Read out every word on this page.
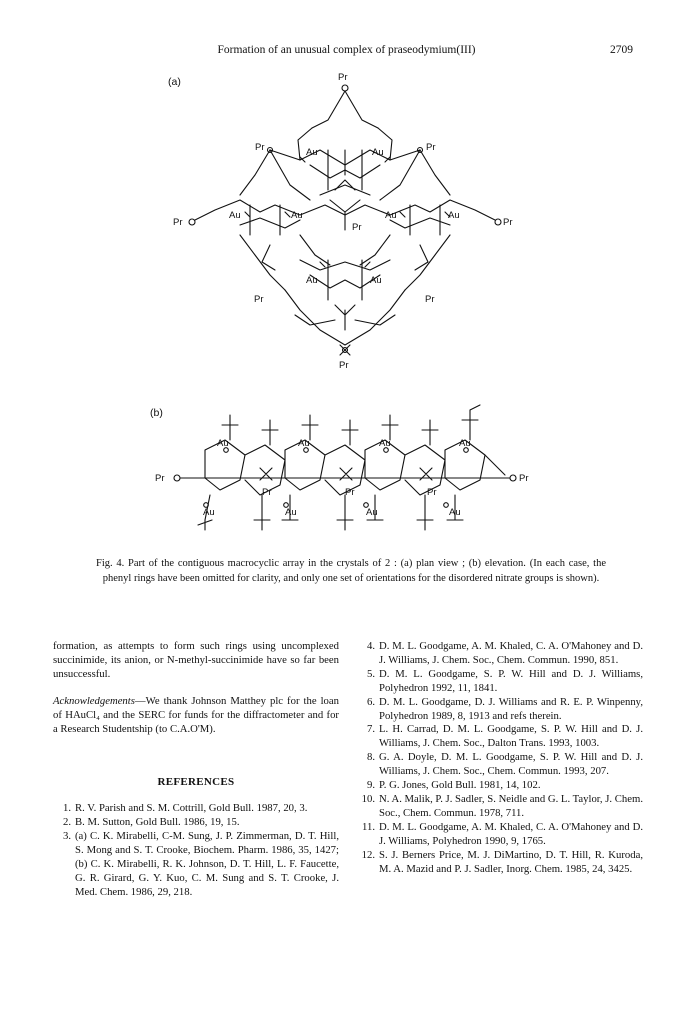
Formation of an unusual complex of praseodymium(III)	2709
(a)
(b)
Pr
Pr	Pr
Au	Au
Pr	Pr
Au	Au	Au	Au
Pr
Au	Au
Pr	Pr
Pr
Pr	Pr
Au	Au	Au	Au
Pr	Pr	Pr
Au	Au	Au	Au
Fig. 4. Part of the contiguous macrocyclic array in the crystals of 2 : (a) plan view ; (b) elevation. (In each case, the phenyl rings have been omitted for clarity, and only one set of orientations for the disordered nitrate groups is shown).

formation, as attempts to form such rings using uncomplexed succinimide, its anion, or N-methyl-succinimide have so far been unsuccessful.

Acknowledgements—We thank Johnson Matthey plc for the loan of HAuCl₄ and the SERC for funds for the diffractometer and for a Research Studentship (to C.A.O'M).

REFERENCES
1. R. V. Parish and S. M. Cottrill, Gold Bull. 1987, 20, 3.
2. B. M. Sutton, Gold Bull. 1986, 19, 15.
3. (a) C. K. Mirabelli, C-M. Sung, J. P. Zimmerman, D. T. Hill, S. Mong and S. T. Crooke, Biochem. Pharm. 1986, 35, 1427; (b) C. K. Mirabelli, R. K. Johnson, D. T. Hill, L. F. Faucette, G. R. Girard, G. Y. Kuo, C. M. Sung and S. T. Crooke, J. Med. Chem. 1986, 29, 218.
4. D. M. L. Goodgame, A. M. Khaled, C. A. O'Mahoney and D. J. Williams, J. Chem. Soc., Chem. Commun. 1990, 851.
5. D. M. L. Goodgame, S. P. W. Hill and D. J. Williams, Polyhedron 1992, 11, 1841.
6. D. M. L. Goodgame, D. J. Williams and R. E. P. Winpenny, Polyhedron 1989, 8, 1913 and refs therein.
7. L. H. Carrad, D. M. L. Goodgame, S. P. W. Hill and D. J. Williams, J. Chem. Soc., Dalton Trans. 1993, 1003.
8. G. A. Doyle, D. M. L. Goodgame, S. P. W. Hill and D. J. Williams, J. Chem. Soc., Chem. Commun. 1993, 207.
9. P. G. Jones, Gold Bull. 1981, 14, 102.
10. N. A. Malik, P. J. Sadler, S. Neidle and G. L. Taylor, J. Chem. Soc., Chem. Commun. 1978, 711.
11. D. M. L. Goodgame, A. M. Khaled, C. A. O'Mahoney and D. J. Williams, Polyhedron 1990, 9, 1765.
12. S. J. Berners Price, M. J. DiMartino, D. T. Hill, R. Kuroda, M. A. Mazid and P. J. Sadler, Inorg. Chem. 1985, 24, 3425.
